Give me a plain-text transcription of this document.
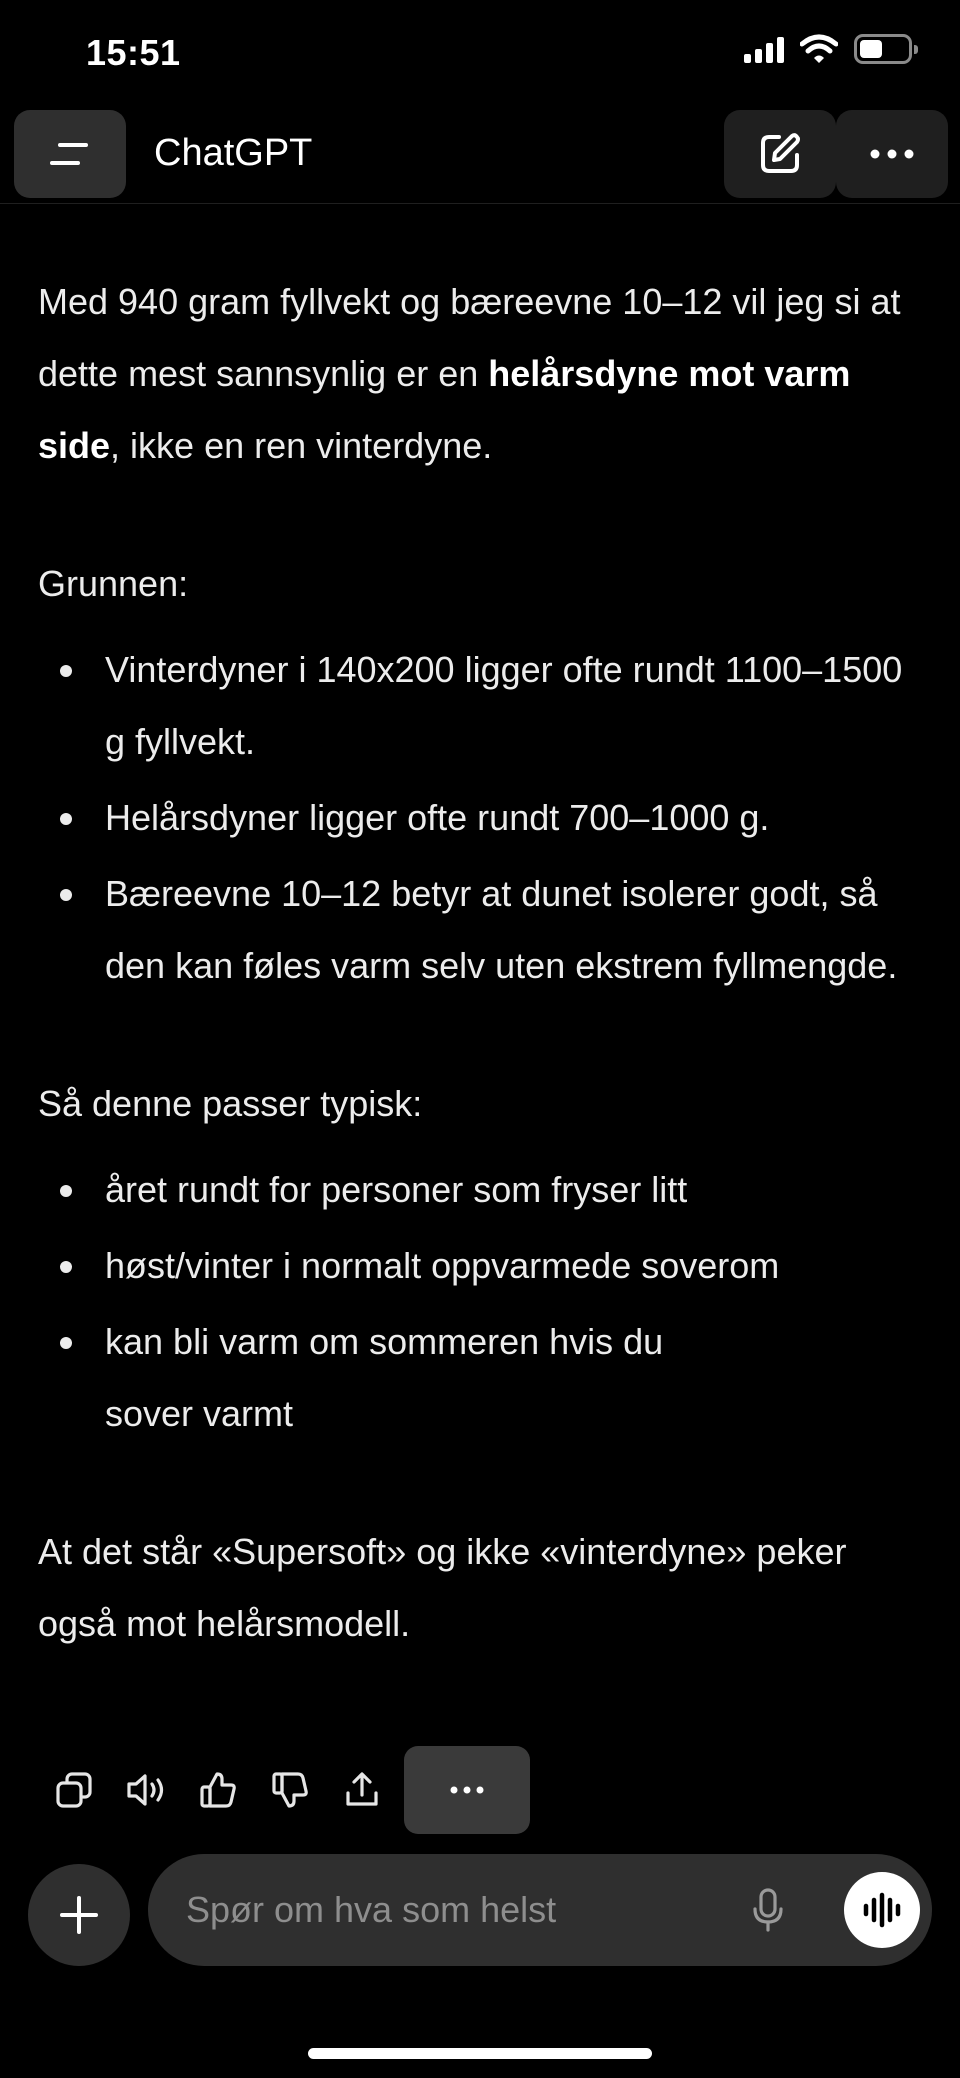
15:51
ChatGPT

Med 940 gram fyllvekt og bæreevne 10–12 vil jeg si at dette mest sannsynlig er en helårsdyne mot varm side, ikke en ren vinterdyne.

Grunnen:

Vinterdyner i 140x200 ligger ofte rundt 1100–1500 g fyllvekt.
Helårsdyner ligger ofte rundt 700–1000 g.
Bæreevne 10–12 betyr at dunet isolerer godt, så den kan føles varm selv uten ekstrem fyllmengde.

Så denne passer typisk:

året rundt for personer som fryser litt
høst/vinter i normalt oppvarmede soverom
kan bli varm om sommeren hvis du
sover varmt

At det står «Supersoft» og ikke «vinterdyne» peker også mot helårsmodell.

Spør om hva som helst
